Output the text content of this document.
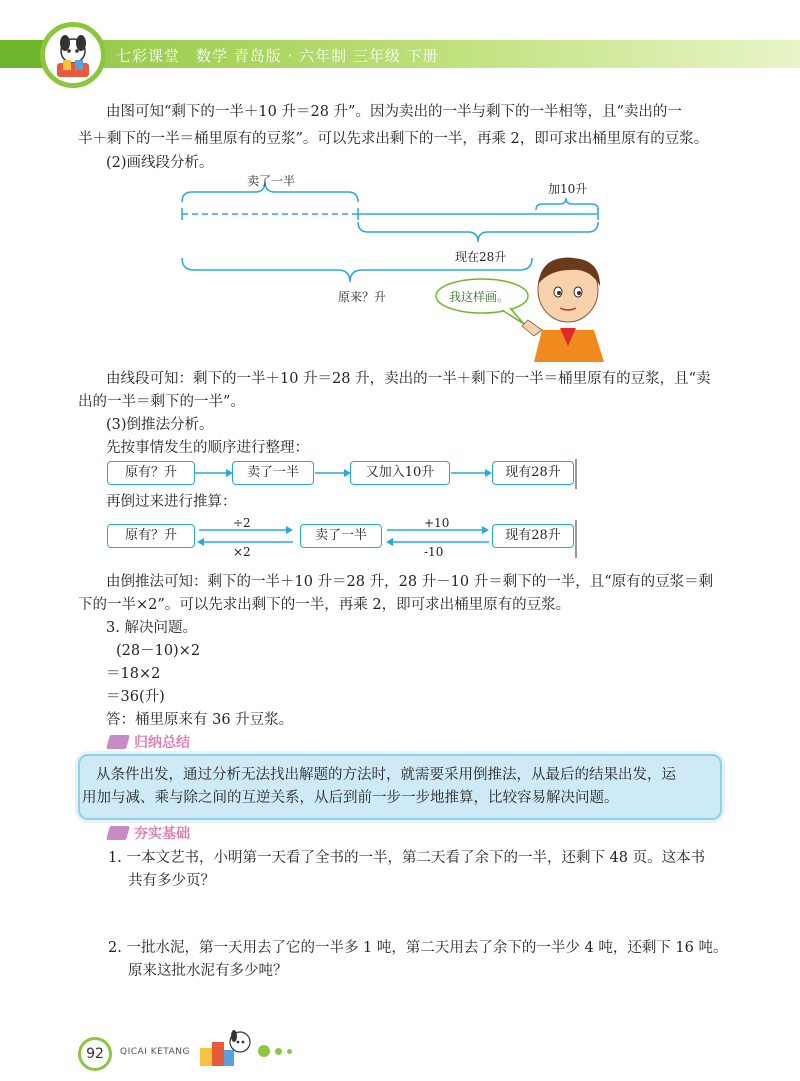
七彩课堂　数学 青岛版 · 六年制 三年级 下册
由图可知“剩下的一半＋10 升＝28 升”。因为卖出的一半与剩下的一半相等，且“卖出的一
半＋剩下的一半＝桶里原有的豆浆”。可以先求出剩下的一半，再乘 2，即可求出桶里原有的豆浆。
(2)画线段分析。
卖了一半
加10升
现在28升
原来？升	我这样画。
由线段可知：剩下的一半＋10 升＝28 升，卖出的一半＋剩下的一半＝桶里原有的豆浆，且“卖
出的一半＝剩下的一半”。
(3)倒推法分析。
先按事情发生的顺序进行整理：
原有？升	卖了一半	又加入10升	现有28升
再倒过来进行推算：
原有？升	卖了一半	现有28升
÷2
×2
+10
-10
由倒推法可知：剩下的一半＋10 升＝28 升，28 升－10 升＝剩下的一半，且“原有的豆浆＝剩
下的一半×2”。可以先求出剩下的一半，再乘 2，即可求出桶里原有的豆浆。
3. 解决问题。
(28－10)×2
＝18×2
＝36(升)
答：桶里原来有 36 升豆浆。
归纳总结
从条件出发，通过分析无法找出解题的方法时，就需要采用倒推法，从最后的结果出发，运
用加与减、乘与除之间的互逆关系，从后到前一步一步地推算，比较容易解决问题。
夯实基础
1. 一本文艺书，小明第一天看了全书的一半，第二天看了余下的一半，还剩下 48 页。这本书
共有多少页？
2. 一批水泥，第一天用去了它的一半多 1 吨，第二天用去了余下的一半少 4 吨，还剩下 16 吨。
原来这批水泥有多少吨？
92	QICAI KETANG
